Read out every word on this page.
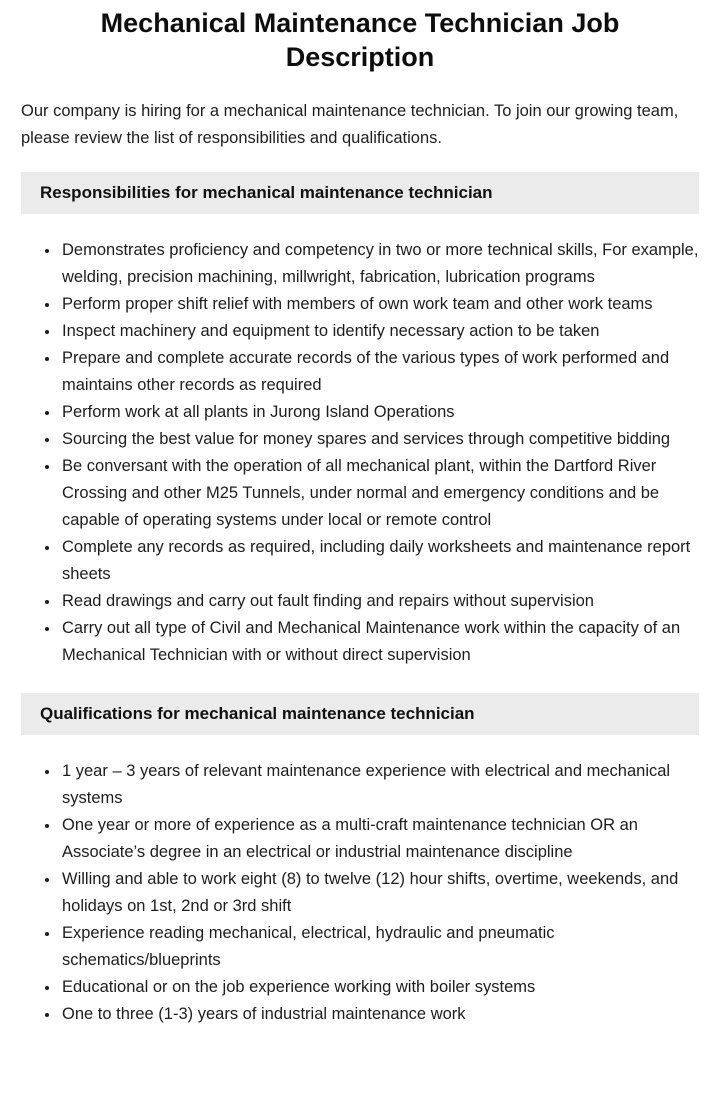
Mechanical Maintenance Technician Job Description

Our company is hiring for a mechanical maintenance technician. To join our growing team, please review the list of responsibilities and qualifications.

Responsibilities for mechanical maintenance technician
• Demonstrates proficiency and competency in two or more technical skills, For example, welding, precision machining, millwright, fabrication, lubrication programs
• Perform proper shift relief with members of own work team and other work teams
• Inspect machinery and equipment to identify necessary action to be taken
• Prepare and complete accurate records of the various types of work performed and maintains other records as required
• Perform work at all plants in Jurong Island Operations
• Sourcing the best value for money spares and services through competitive bidding
• Be conversant with the operation of all mechanical plant, within the Dartford River Crossing and other M25 Tunnels, under normal and emergency conditions and be capable of operating systems under local or remote control
• Complete any records as required, including daily worksheets and maintenance report sheets
• Read drawings and carry out fault finding and repairs without supervision
• Carry out all type of Civil and Mechanical Maintenance work within the capacity of an Mechanical Technician with or without direct supervision
Qualifications for mechanical maintenance technician
• 1 year – 3 years of relevant maintenance experience with electrical and mechanical systems
• One year or more of experience as a multi-craft maintenance technician OR an Associate’s degree in an electrical or industrial maintenance discipline
• Willing and able to work eight (8) to twelve (12) hour shifts, overtime, weekends, and holidays on 1st, 2nd or 3rd shift
• Experience reading mechanical, electrical, hydraulic and pneumatic schematics/blueprints
• Educational or on the job experience working with boiler systems
• One to three (1-3) years of industrial maintenance work
